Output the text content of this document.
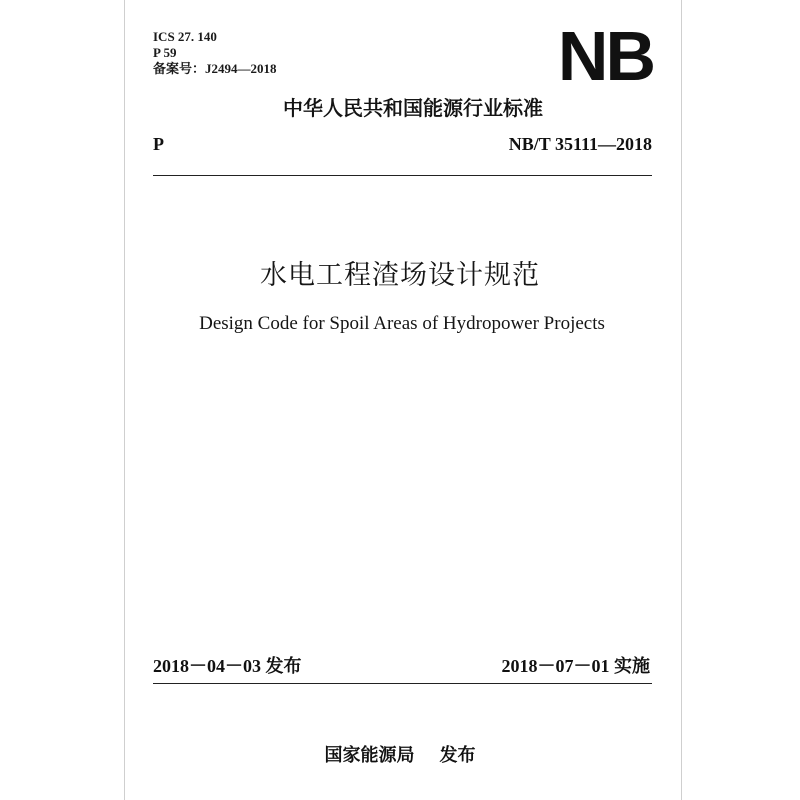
ICS 27. 140
P 59
备案号：J2494—2018	NB
中华人民共和国能源行业标准
P	NB/T 35111—2018
水电工程渣场设计规范
Design Code for Spoil Areas of Hydropower Projects
2018－04－03 发布	2018－07－01 实施
国家能源局    发布
